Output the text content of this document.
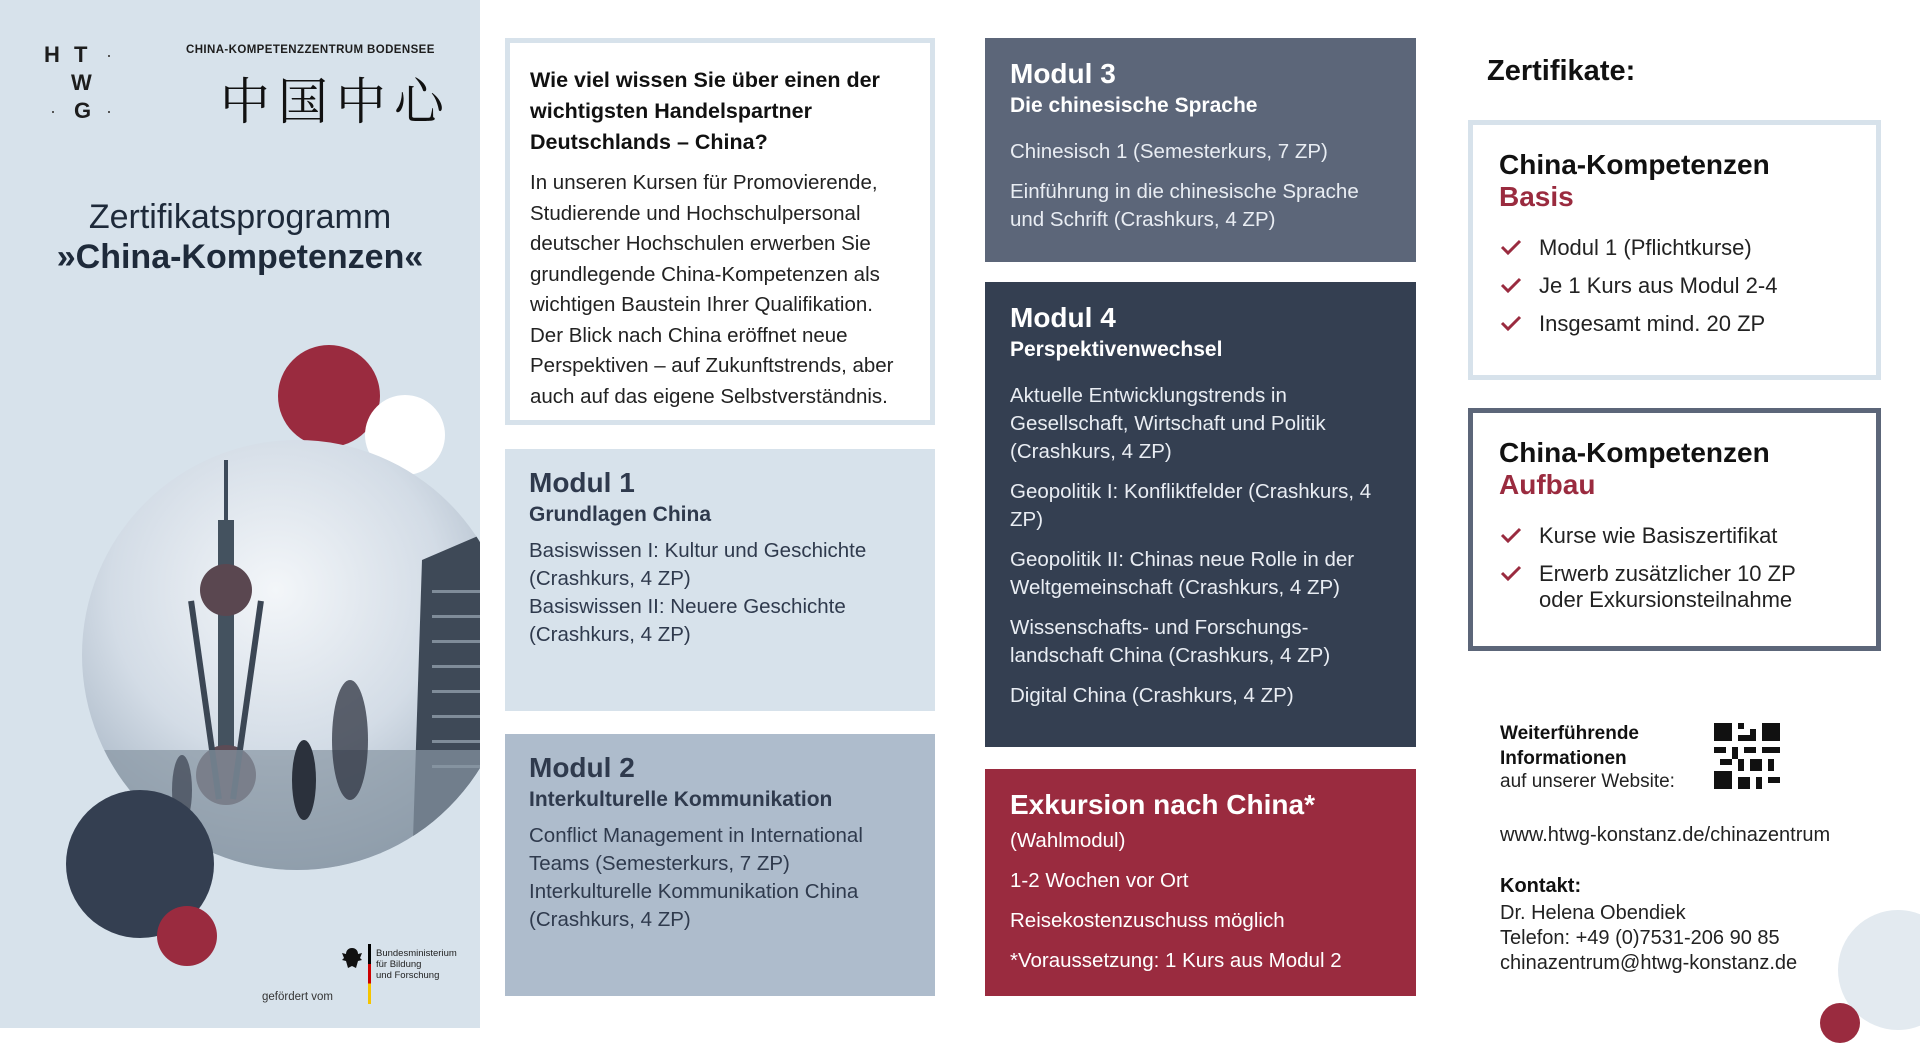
H T
W
G
CHINA-KOMPETENZZENTRUM BODENSEE
中国中心
Zertifikatsprogramm
»China-Kompetenzen«
Bundesministerium
für Bildung
und Forschung
gefördert vom

Wie viel wissen Sie über einen der wichtigsten Handelspartner Deutschlands – China?

In unseren Kursen für Promovierende, Studierende und Hochschulpersonal deutscher Hochschulen erwerben Sie grundlegende China-Kompetenzen als wichtigen Baustein Ihrer Qualifikation. Der Blick nach China eröffnet neue Perspektiven – auf Zukunftstrends, aber auch auf das eigene Selbstverständnis.

Modul 1
Grundlagen China

Basiswissen I: Kultur und Geschichte (Crashkurs, 4 ZP)

Basiswissen II: Neuere Geschichte (Crashkurs, 4 ZP)

Modul 2
Interkulturelle Kommunikation

Conflict Management in International Teams (Semesterkurs, 7 ZP)

Interkulturelle Kommunikation China (Crashkurs, 4 ZP)

Modul 3
Die chinesische Sprache

Chinesisch 1 (Semesterkurs, 7 ZP)

Einführung in die chinesische Sprache und Schrift (Crashkurs, 4 ZP)

Modul 4
Perspektivenwechsel

Aktuelle Entwicklungstrends in Gesellschaft, Wirtschaft und Politik (Crashkurs, 4 ZP)

Geopolitik I: Konfliktfelder (Crashkurs, 4 ZP)

Geopolitik II: Chinas neue Rolle in der Weltgemeinschaft (Crashkurs, 4 ZP)

Wissenschafts- und Forschungs-landschaft China (Crashkurs, 4 ZP)

Digital China (Crashkurs, 4 ZP)

Exkursion nach China*

(Wahlmodul)

1-2 Wochen vor Ort

Reisekostenzuschuss möglich

*Voraussetzung: 1 Kurs aus Modul 2

Zertifikate:
China-Kompetenzen
Basis
Modul 1 (Pflichtkurse)
Je 1 Kurs aus Modul 2-4
Insgesamt mind. 20 ZP
China-Kompetenzen
Aufbau
Kurse wie Basiszertifikat
Erwerb zusätzlicher 10 ZP oder Exkursionsteilnahme
Weiterführende
Informationen
auf unserer Website:
www.htwg-konstanz.de/chinazentrum
Kontakt:
Dr. Helena Obendiek
Telefon: +49 (0)7531-206 90 85
chinazentrum@htwg-konstanz.de
